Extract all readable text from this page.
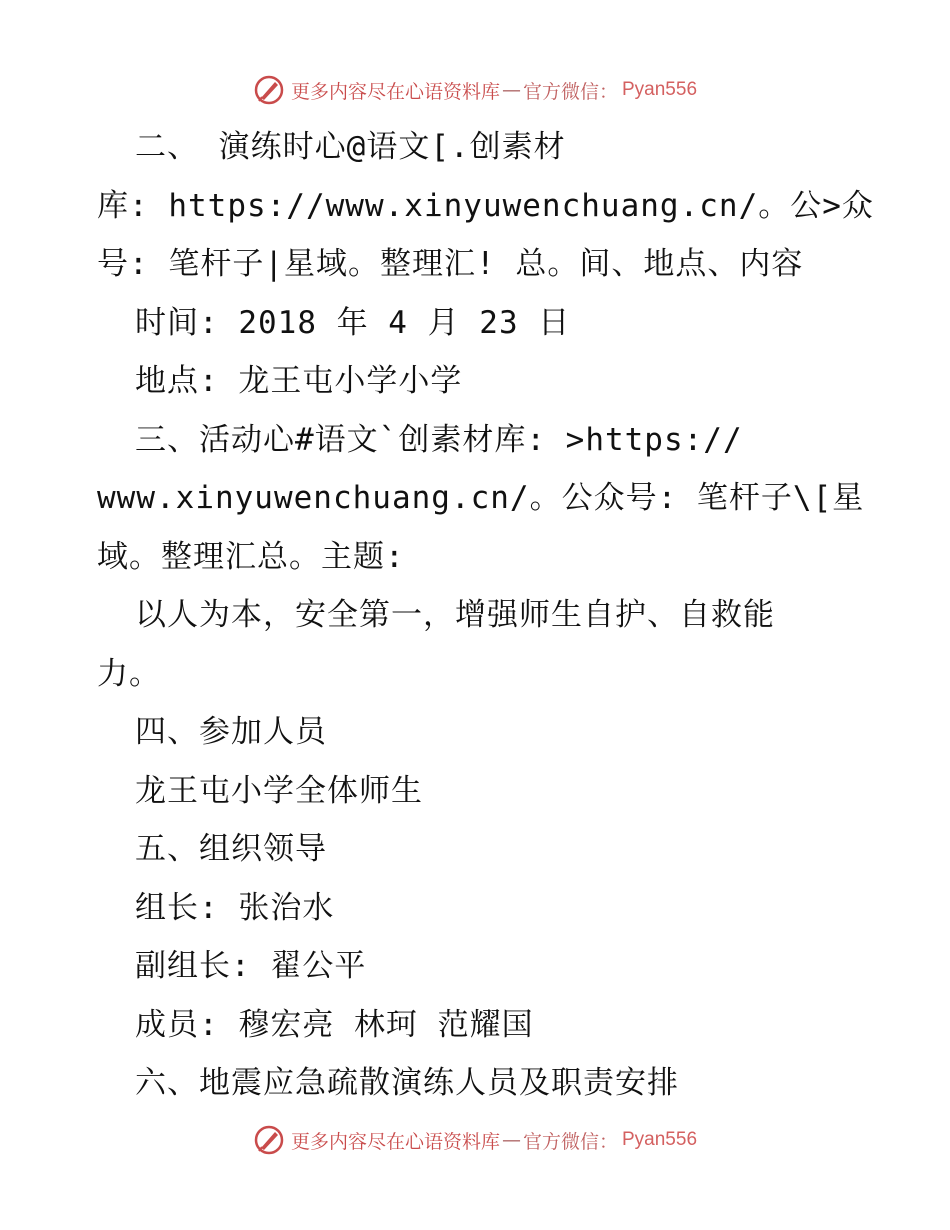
更多内容尽在心语资料库 — 官方微信： Pyan556
二、 演练时心@语文[.创素材
库: https://www.xinyuwenchuang.cn/。公>众
号: 笔杆子|星域。整理汇! 总。间、地点、内容
时间: 2018 年 4 月 23 日
地点: 龙王屯小学小学
三、活动心#语文`创素材库: >https://
www.xinyuwenchuang.cn/。公众号: 笔杆子\[星
域。整理汇总。主题:
以人为本，安全第一，增强师生自护、自救能
力。
四、参加人员
龙王屯小学全体师生
五、组织领导
组长: 张治水
副组长: 翟公平
成员: 穆宏亮 林珂 范耀国
六、地震应急疏散演练人员及职责安排
更多内容尽在心语资料库 — 官方微信： Pyan556
